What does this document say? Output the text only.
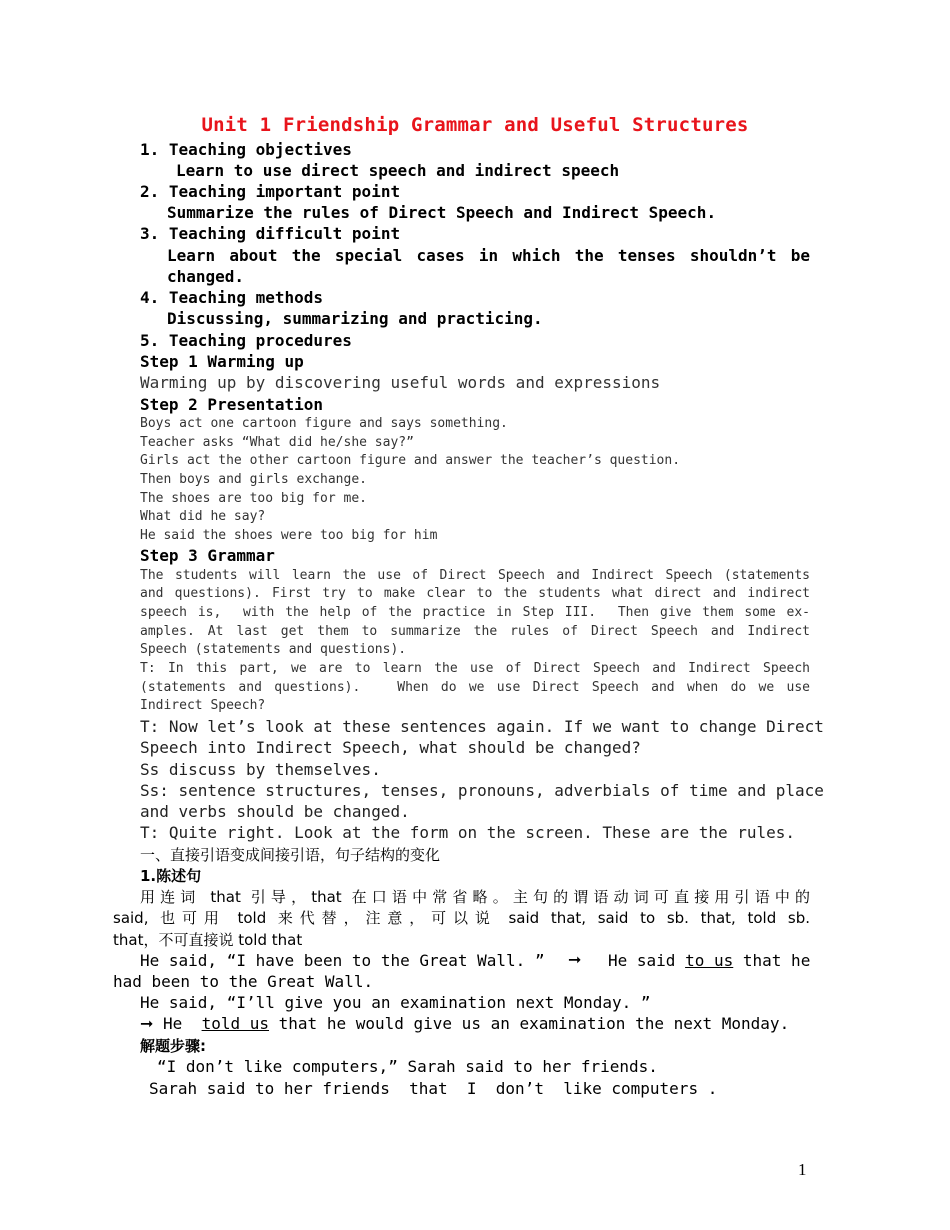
Unit 1 Friendship Grammar and Useful Structures
1. Teaching objectives
Learn to use direct speech and indirect speech
2. Teaching important point
Summarize the rules of Direct Speech and Indirect Speech.
3. Teaching difficult point
Learn about the special cases in which the tenses shouldn’t be
changed.
4. Teaching methods
Discussing, summarizing and practicing.
5. Teaching procedures
Step 1 Warming up
Warming up by discovering useful words and expressions
Step 2 Presentation
Boys act one cartoon figure and says something.
Teacher asks “What did he/she say?”
Girls act the other cartoon figure and answer the teacher’s question.
Then boys and girls exchange.
The shoes are too big for me.
What did he say?
He said the shoes were too big for him
Step 3 Grammar
The students will learn the use of Direct Speech and Indirect Speech (statements
and questions). First try to make clear to the students what direct and indirect
speech is,  with the help of the practice in Step III.  Then give them some ex-
amples. At last get them to summarize the rules of Direct Speech and Indirect
Speech (statements and questions).
T: In this part, we are to learn the use of Direct Speech and Indirect Speech
(statements and questions).   When do we use Direct Speech and when do we use
Indirect Speech?
T: Now let’s look at these sentences again. If we want to change Direct
Speech into Indirect Speech, what should be changed?
Ss discuss by themselves.
Ss: sentence structures, tenses, pronouns, adverbials of time and place
and verbs should be changed.
T: Quite right. Look at the form on the screen. These are the rules.
一、直接引语变成间接引语，句子结构的变化
1.陈述句
用连词 that 引导，that 在口语中常省略。主句的谓语动词可直接用引语中的
said, 也可用 told 来代替，注意，可以说 said that, said to sb. that, told sb.
that，不可直接说 told that
He said, “I have been to the Great Wall. ” ➞ He said to us that he
had been to the Great Wall.
He said, “I’ll give you an examination next Monday. ”
➞ He told us that he would give us an examination the next Monday.
解题步骤:
“I don’t like computers,” Sarah said to her friends.
Sarah said to her friends  that  I  don’t  like computers .
1
